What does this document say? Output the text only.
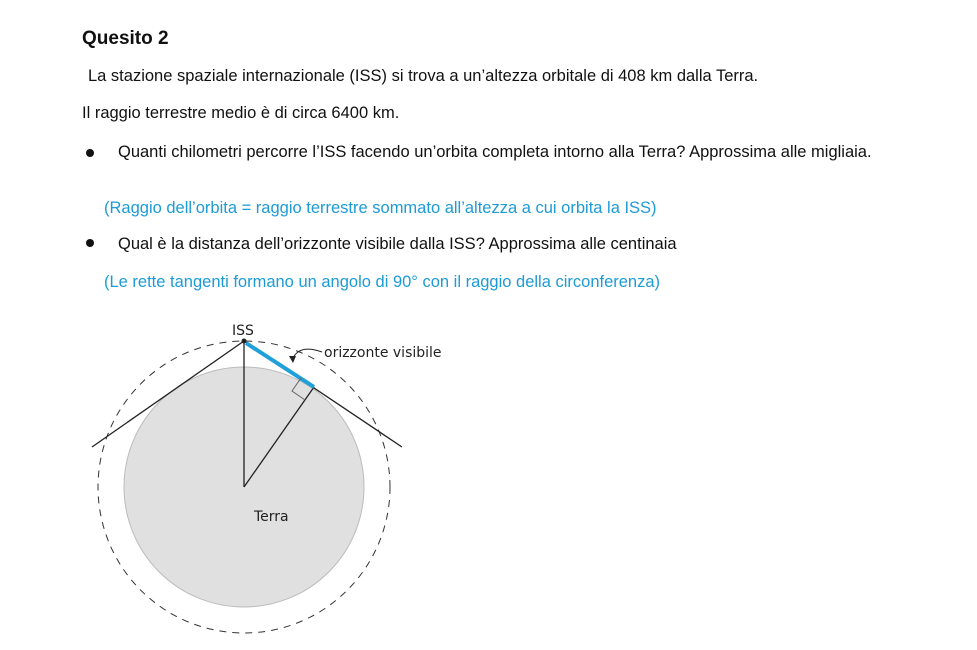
Quesito 2

La stazione spaziale internazionale (ISS) si trova a un’altezza orbitale di 408 km dalla Terra.

Il raggio terrestre medio è di circa 6400 km.

Quanti chilometri percorre l’ISS facendo un’orbita completa intorno alla Terra? Approssima alle migliaia.

(Raggio dell’orbita = raggio terrestre sommato all’altezza a cui orbita la ISS)

Qual è la distanza dell’orizzonte visibile dalla ISS? Approssima alle centinaia

(Le rette tangenti formano un angolo di 90° con il raggio della circonferenza)

ISS
orizzonte visibile
Terra
